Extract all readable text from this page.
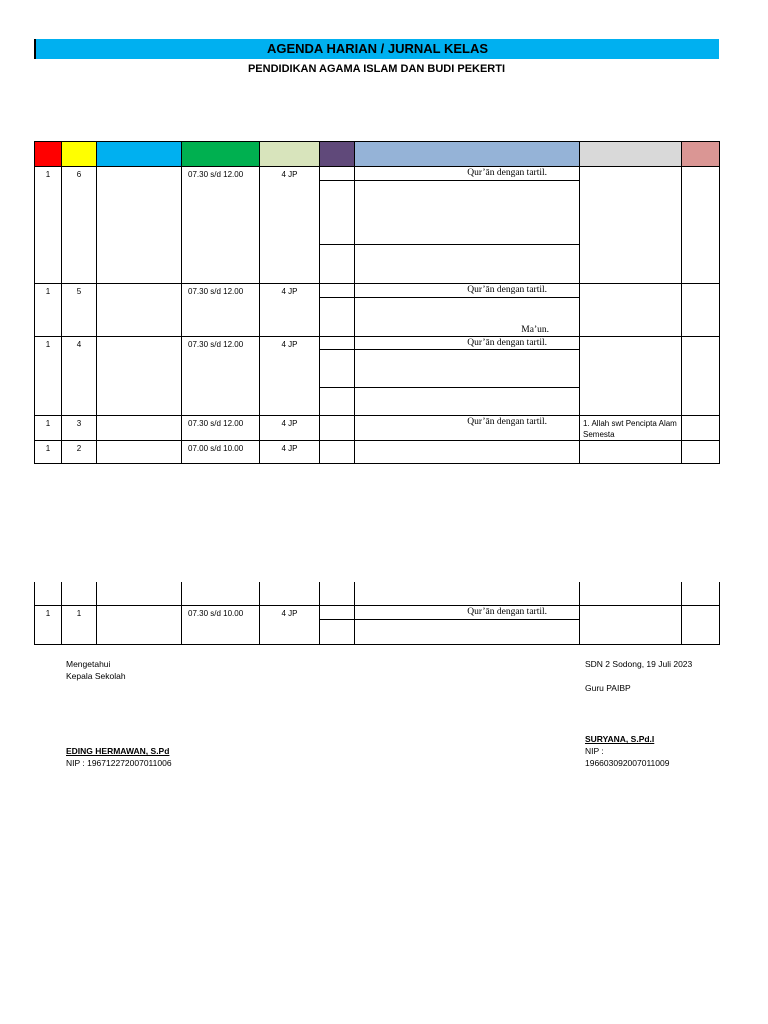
AGENDA HARIAN / JURNAL KELAS
PENDIDIKAN AGAMA ISLAM DAN BUDI PEKERTI

1	6		07.30 s/d 12.00	4 JP		Qur’ān dengan tartil.		

1	5		07.30 s/d 12.00	4 JP		Qur’ān dengan tartil.
Ma’un.		

1	4		07.30 s/d 12.00	4 JP		Qur’ān dengan tartil.		

1	3		07.30 s/d 12.00	4 JP		Qur’ān dengan tartil.	1. Allah swt Pencipta Alam Semesta	
1	2		07.00 s/d 10.00	4 JP		

1	1		07.30 s/d 10.00	4 JP		Qur’ān dengan tartil.		

Mengetahui
Kepala Sekolah
EDING HERMAWAN, S.Pd
NIP : 196712272007011006
SDN 2 Sodong, 19 Juli 2023
Guru PAIBP
SURYANA, S.Pd.I
NIP :
196603092007011009
